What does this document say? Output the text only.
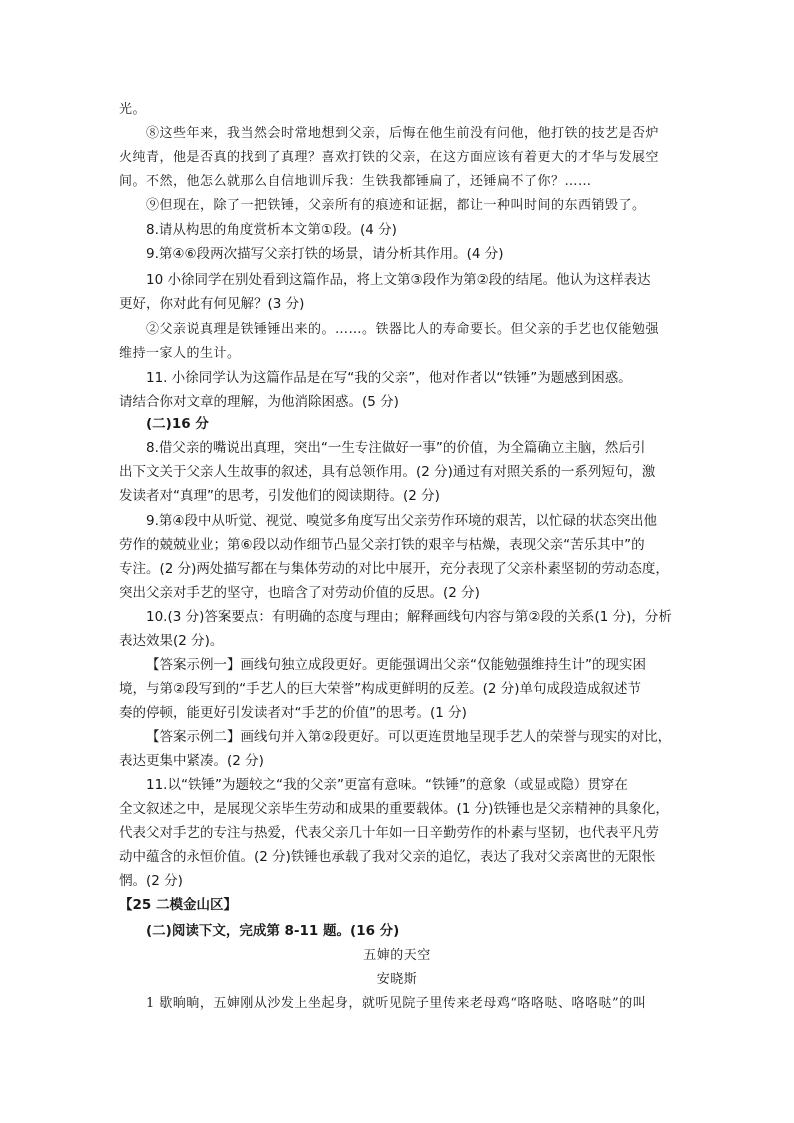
光。
⑧这些年来，我当然会时常地想到父亲，后悔在他生前没有问他，他打铁的技艺是否炉
火纯青，他是否真的找到了真理？喜欢打铁的父亲，在这方面应该有着更大的才华与发展空
间。不然，他怎么就那么自信地训斥我：生铁我都锤扁了，还锤扁不了你？……
⑨但现在，除了一把铁锤，父亲所有的痕迹和证据，都让一种叫时间的东西销毁了。
8.请从构思的角度赏析本文第①段。(4 分)
9.第④⑥段两次描写父亲打铁的场景，请分析其作用。(4 分)
10 小徐同学在别处看到这篇作品，将上文第③段作为第②段的结尾。他认为这样表达
更好，你对此有何见解？(3 分)
②父亲说真理是铁锤锤出来的。……。铁器比人的寿命要长。但父亲的手艺也仅能勉强
维持一家人的生计。
11. 小徐同学认为这篇作品是在写“我的父亲”，他对作者以“铁锤”为题感到困惑。
请结合你对文章的理解，为他消除困惑。(5 分)
(二)16 分
8.借父亲的嘴说出真理，突出“一生专注做好一事”的价值，为全篇确立主脑，然后引
出下文关于父亲人生故事的叙述，具有总领作用。(2 分)通过有对照关系的一系列短句，激
发读者对“真理”的思考，引发他们的阅读期待。(2 分)
9.第④段中从听觉、视觉、嗅觉多角度写出父亲劳作环境的艰苦，以忙碌的状态突出他
劳作的兢兢业业；第⑥段以动作细节凸显父亲打铁的艰辛与枯燥，表现父亲“苦乐其中”的
专注。(2 分)两处描写都在与集体劳动的对比中展开，充分表现了父亲朴素坚韧的劳动态度，
突出父亲对手艺的坚守，也暗含了对劳动价值的反思。(2 分)
10.(3 分)答案要点：有明确的态度与理由；解释画线句内容与第②段的关系(1 分)，分析
表达效果(2 分)。
【答案示例一】画线句独立成段更好。更能强调出父亲“仅能勉强维持生计”的现实困
境，与第②段写到的“手艺人的巨大荣誉”构成更鲜明的反差。(2 分)单句成段造成叙述节
奏的停顿，能更好引发读者对“手艺的价值”的思考。(1 分)
【答案示例二】画线句并入第②段更好。可以更连贯地呈现手艺人的荣誉与现实的对比，
表达更集中紧凑。(2 分)
11.以“铁锤”为题较之“我的父亲”更富有意味。“铁锤”的意象（或显或隐）贯穿在
全文叙述之中，是展现父亲毕生劳动和成果的重要载体。(1 分)铁锤也是父亲精神的具象化，
代表父对手艺的专注与热爱，代表父亲几十年如一日辛勤劳作的朴素与坚韧，也代表平凡劳
动中蕴含的永恒价值。(2 分)铁锤也承载了我对父亲的追忆，表达了我对父亲离世的无限怅
惘。(2 分)
【25 二模金山区】
(二)阅读下文，完成第 8-11 题。(16 分)
五婶的天空
安晓斯
1 歇晌晌，五婶刚从沙发上坐起身，就听见院子里传来老母鸡“咯咯哒、咯咯哒”的叫
